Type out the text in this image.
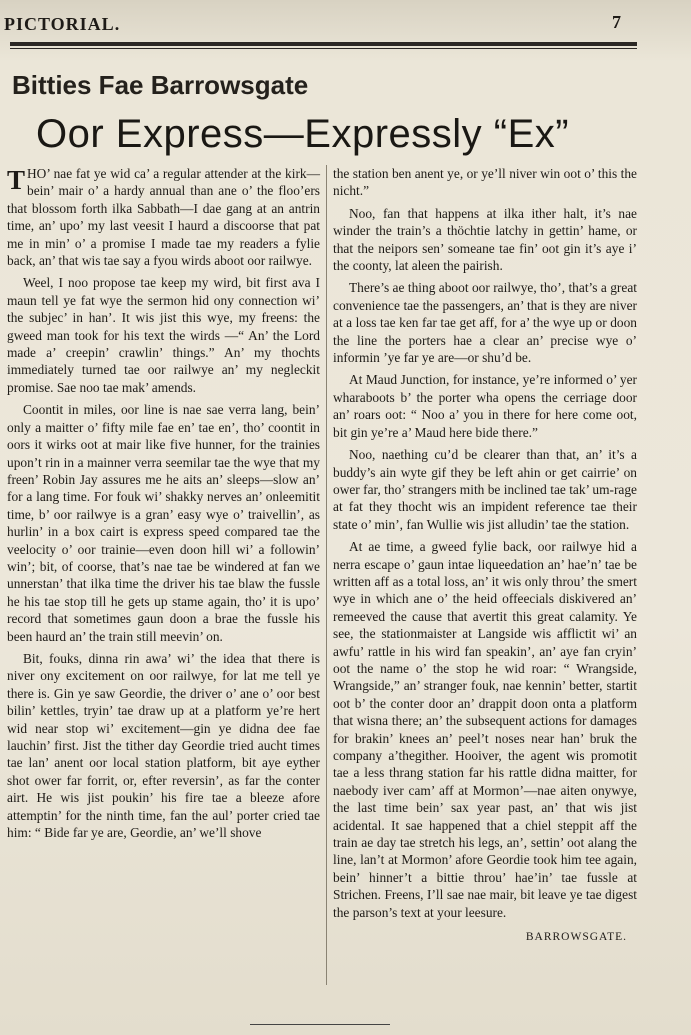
PICTORIAL.	7
Bitties Fae Barrowsgate
Oor Express—Expressly “Ex”

THO’ nae fat ye wid ca’ a regular attender at the kirk—bein’ mair o’ a hardy annual than ane o’ the floo’ers that blossom forth ilka Sabbath—I dae gang at an antrin time, an’ upo’ my last veesit I haurd a discoorse that pat me in min’ o’ a promise I made tae my readers a fylie back, an’ that wis tae say a fyou wirds aboot oor railwye.

Weel, I noo propose tae keep my wird, bit first ava I maun tell ye fat wye the sermon hid ony connection wi’ the subjec’ in han’. It wis jist this wye, my freens: the gweed man took for his text the wirds —“ An’ the Lord made a’ creepin’ crawlin’ things.” An’ my thochts immediately turned tae oor railwye an’ my negleckit promise. Sae noo tae mak’ amends.

Coontit in miles, oor line is nae sae verra lang, bein’ only a maitter o’ fifty mile fae en’ tae en’, tho’ coontit in oors it wirks oot at mair like five hunner, for the trainies upon’t rin in a mainner verra seemilar tae the wye that my freen’ Robin Jay assures me he aits an’ sleeps—slow an’ for a lang time. For fouk wi’ shakky nerves an’ onleemitit time, b’ oor railwye is a gran’ easy wye o’ traivellin’, as hurlin’ in a box cairt is express speed compared tae the veelocity o’ oor trainie—even doon hill wi’ a followin’ win’; bit, of coorse, that’s nae tae be windered at fan we unnerstan’ that ilka time the driver his tae blaw the fussle he his tae stop till he gets up stame again, tho’ it is upo’ record that sometimes gaun doon a brae the fussle his been haurd an’ the train still meevin’ on.

Bit, fouks, dinna rin awa’ wi’ the idea that there is niver ony excitement on oor railwye, for lat me tell ye there is. Gin ye saw Geordie, the driver o’ ane o’ oor best bilin’ kettles, tryin’ tae draw up at a platform ye’re hert wid near stop wi’ excitement—gin ye didna dee fae lauchin’ first. Jist the tither day Geordie tried aucht times tae lan’ anent oor local station platform, bit aye eyther shot ower far forrit, or, efter reversin’, as far the conter airt. He wis jist poukin’ his fire tae a bleeze afore attemptin’ for the ninth time, fan the aul’ porter cried tae him: “ Bide far ye are, Geordie, an’ we’ll shove

the station ben anent ye, or ye’ll niver win oot o’ this the nicht.”

Noo, fan that happens at ilka ither halt, it’s nae winder the train’s a thöchtie latchy in gettin’ hame, or that the neipors sen’ someane tae fin’ oot gin it’s aye i’ the coonty, lat aleen the pairish.

There’s ae thing aboot oor railwye, tho’, that’s a great convenience tae the passengers, an’ that is they are niver at a loss tae ken far tae get aff, for a’ the wye up or doon the line the porters hae a clear an’ precise wye o’ informin ’ye far ye are—or shu’d be.

At Maud Junction, for instance, ye’re informed o’ yer wharaboots b’ the porter wha opens the cerriage door an’ roars oot: “ Noo a’ you in there for here come oot, bit gin ye’re a’ Maud here bide there.”

Noo, naething cu’d be clearer than that, an’ it’s a buddy’s ain wyte gif they be left ahin or get cairrie’ on ower far, tho’ strangers mith be inclined tae tak’ um-rage at fat they thocht wis an impident reference tae their state o’ min’, fan Wullie wis jist alludin’ tae the station.

At ae time, a gweed fylie back, oor railwye hid a nerra escape o’ gaun intae liqueedation an’ hae’n’ tae be written aff as a total loss, an’ it wis only throu’ the smert wye in which ane o’ the heid offeecials diskivered an’ remeeved the cause that avertit this great calamity. Ye see, the stationmaister at Langside wis afflictit wi’ an awfu’ rattle in his wird fan speakin’, an’ aye fan cryin’ oot the name o’ the stop he wid roar: “ Wrangside, Wrangside,” an’ stranger fouk, nae kennin’ better, startit oot b’ the conter door an’ drappit doon onta a platform that wisna there; an’ the subsequent actions for damages for brakin’ knees an’ peel’t noses near han’ bruk the company a’thegither. Hooiver, the agent wis promotit tae a less thrang station far his rattle didna maitter, for naebody iver cam’ aff at Mormon’—nae aiten onywye, the last time bein’ sax year past, an’ that wis jist acidental. It sae happened that a chiel steppit aff the train ae day tae stretch his legs, an’, settin’ oot alang the line, lan’t at Mormon’ afore Geordie took him tee again, bein’ hinner’t a bittie throu’ hae’in’ tae fussle at Strichen. Freens, I’ll sae nae mair, bit leave ye tae digest the parson’s text at your leesure.

BARROWSGATE.
